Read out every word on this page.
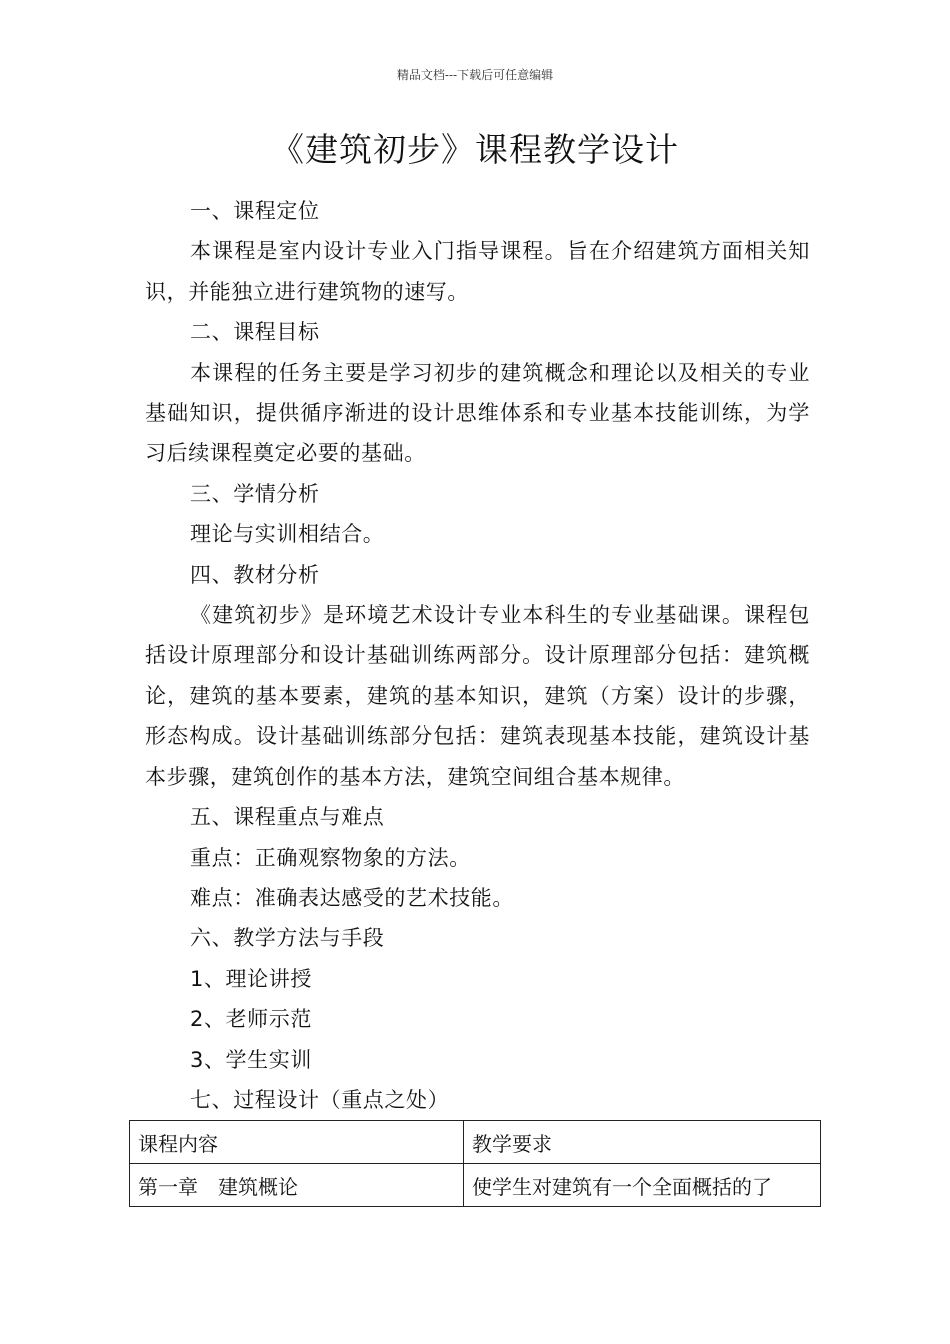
精品文档---下载后可任意编辑
《建筑初步》课程教学设计

一、课程定位

本课程是室内设计专业入门指导课程。旨在介绍建筑方面相关知识，并能独立进行建筑物的速写。

二、课程目标

本课程的任务主要是学习初步的建筑概念和理论以及相关的专业基础知识，提供循序渐进的设计思维体系和专业基本技能训练，为学习后续课程奠定必要的基础。

三、学情分析

理论与实训相结合。

四、教材分析

《建筑初步》是环境艺术设计专业本科生的专业基础课。课程包括设计原理部分和设计基础训练两部分。设计原理部分包括：建筑概论，建筑的基本要素，建筑的基本知识，建筑（方案）设计的步骤，形态构成。设计基础训练部分包括：建筑表现基本技能，建筑设计基本步骤，建筑创作的基本方法，建筑空间组合基本规律。

五、课程重点与难点

重点：正确观察物象的方法。

难点：准确表达感受的艺术技能。

六、教学方法与手段

1、理论讲授

2、老师示范

3、学生实训

七、过程设计（重点之处）

课程内容	教学要求
第一章　建筑概论	使学生对建筑有一个全面概括的了
